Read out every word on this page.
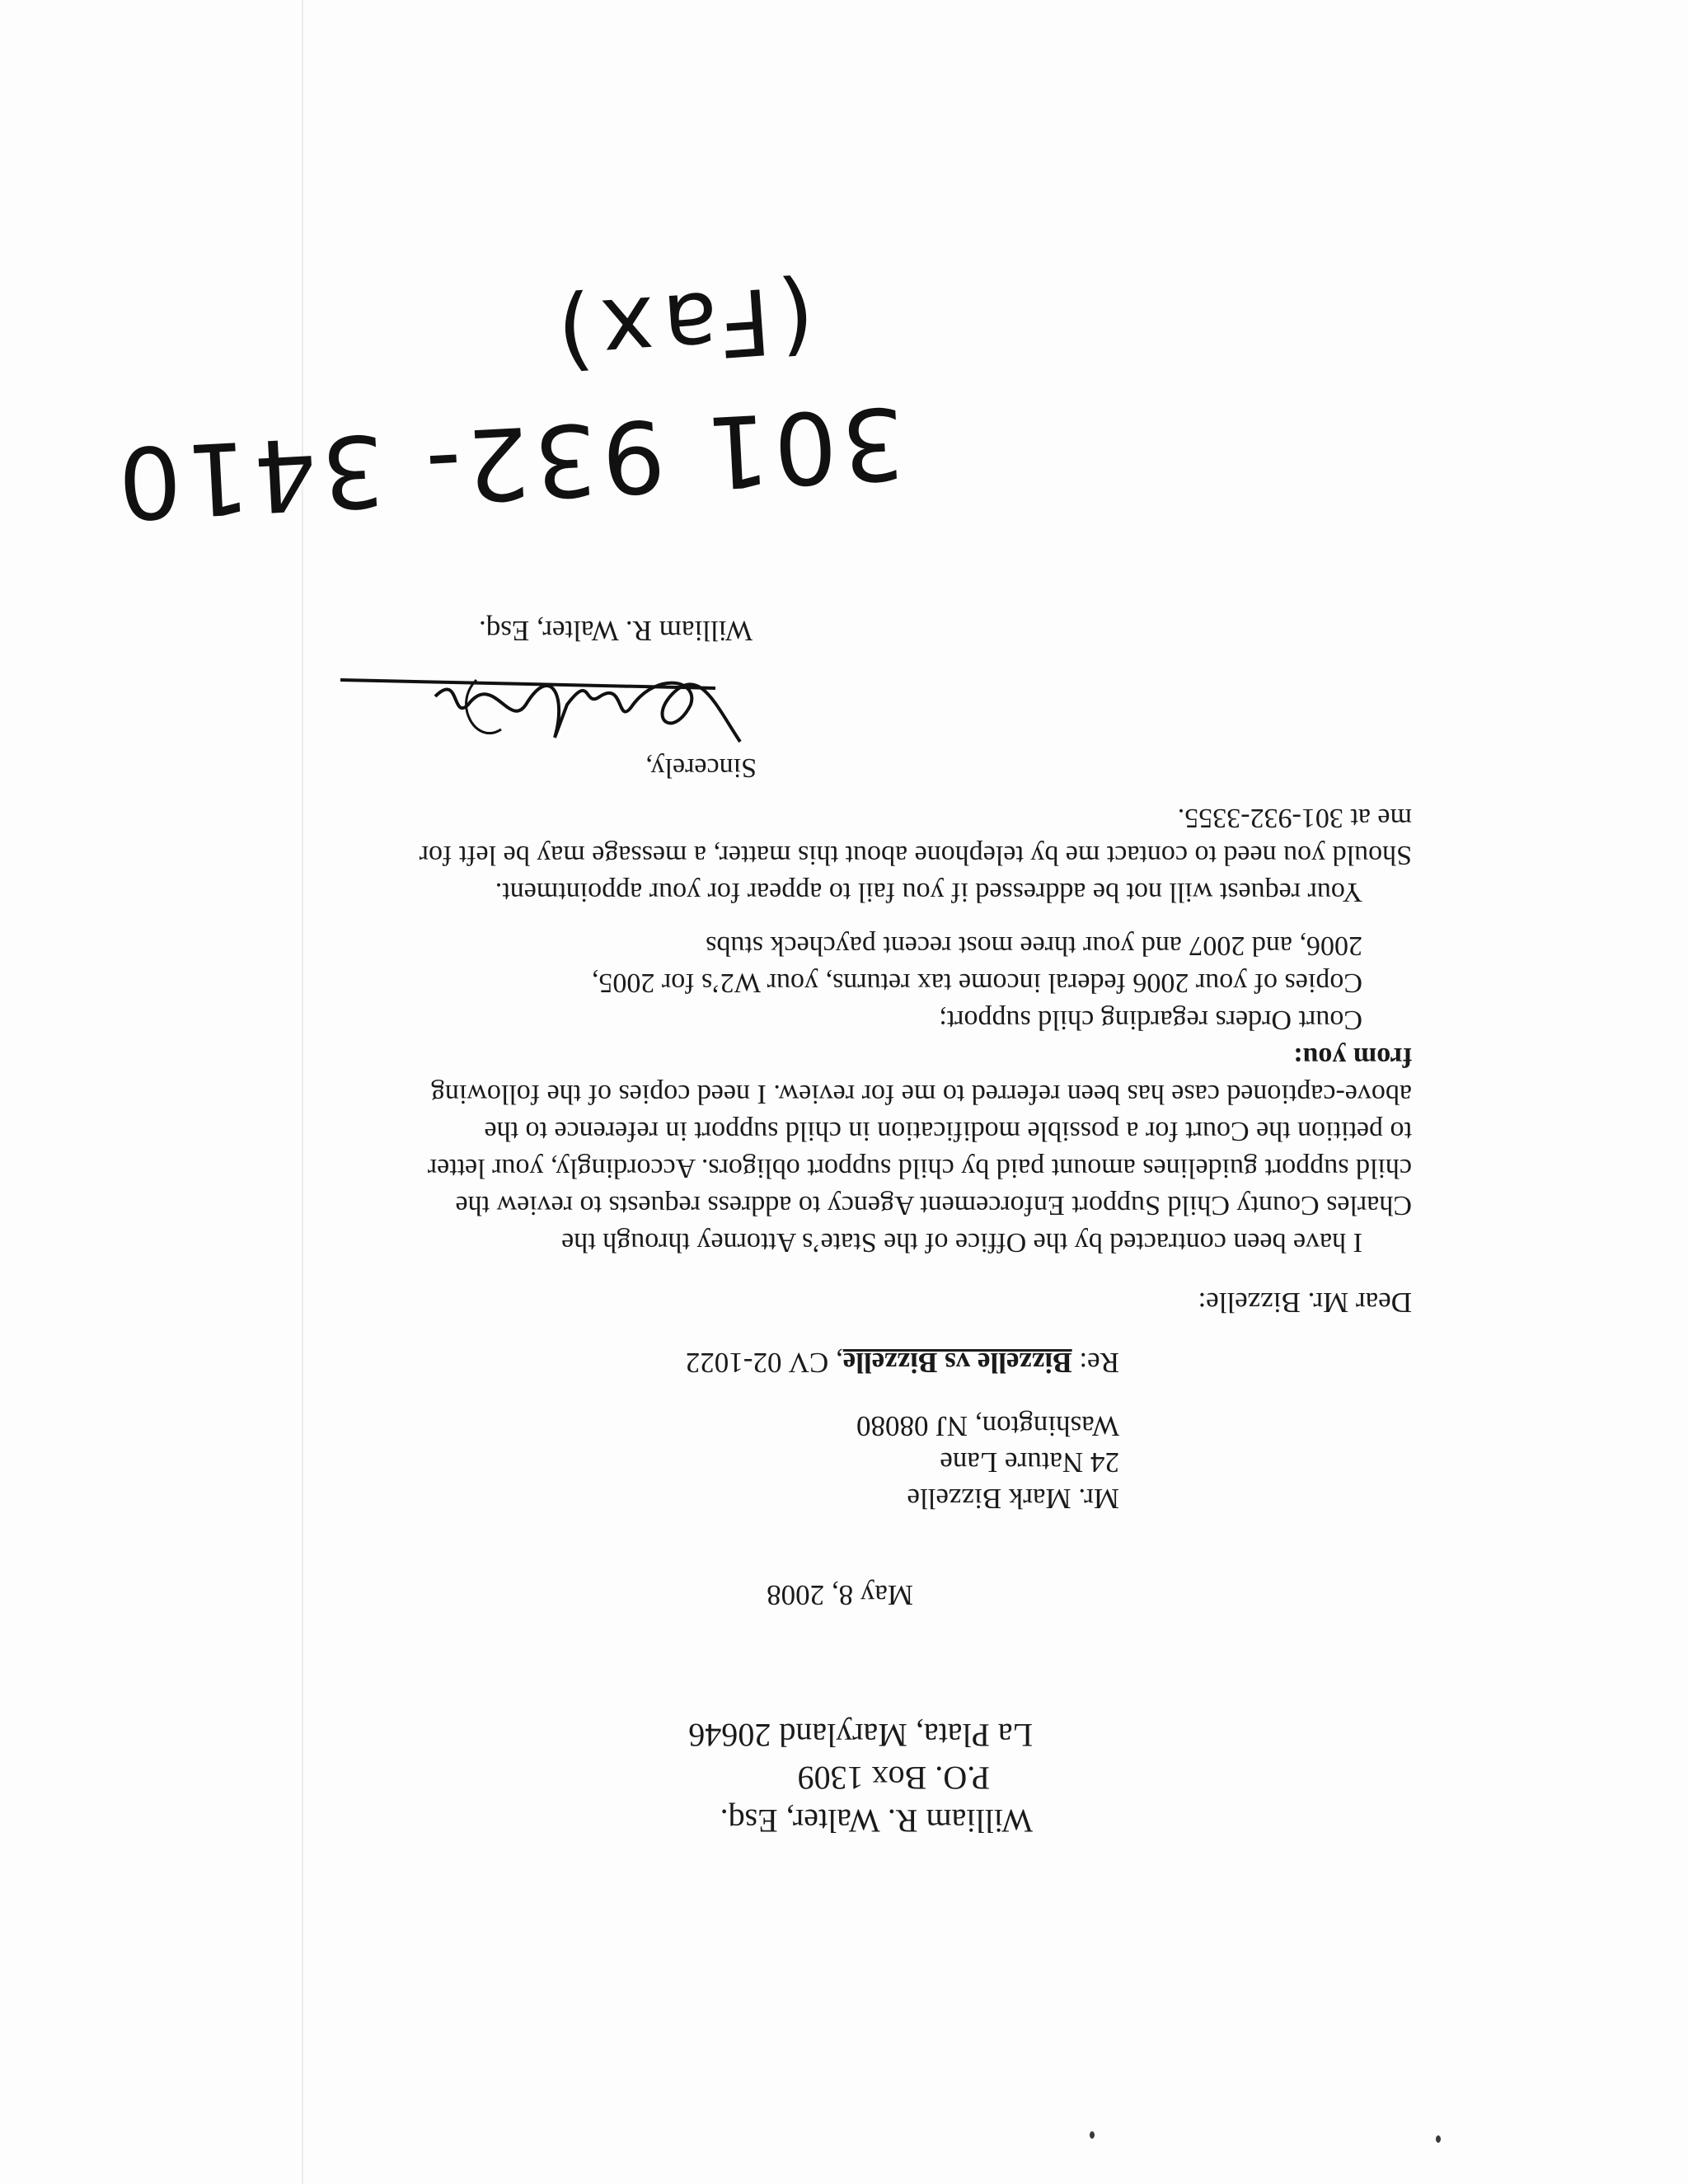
William R. Walter, Esq.
P.O. Box 1309
La Plata, Maryland 20646
May 8, 2008
Mr. Mark Bizzelle
24 Nature Lane
Washington, NJ 08080
Re: Bizzelle vs Bizzelle, CV 02-1022
Dear Mr. Bizzelle:
I have been contracted by the Office of the State’s Attorney through the
Charles County Child Support Enforcement Agency to address requests to review the
child support guidelines amount paid by child support obligors. Accordingly, your letter
to petition the Court for a possible modification in child support in reference to the
above-captioned case has been referred to me for review. I need copies of the following
from you:
Court Orders regarding child support;
Copies of your 2006 federal income tax returns, your W2’s for 2005,
2006, and 2007 and your three most recent paycheck stubs
Your request will not be addressed if you fail to appear for your appointment.
Should you need to contact me by telephone about this matter, a message may be left for
me at 301-932-3355.
Sincerely,
William R. Walter, Esq.
301 932- 3410
(Fax)
